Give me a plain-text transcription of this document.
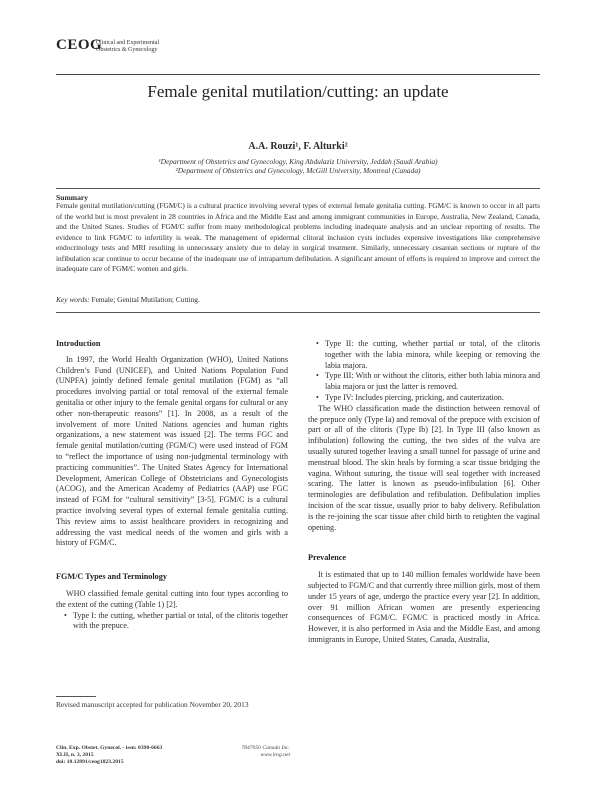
CEOG
Clinical and Experimental
Obstetrics & Gynecology
Female genital mutilation/cutting: an update
A.A. Rouzi¹, F. Alturki²
¹Department of Obstetrics and Gynecology, King Abdulaziz University, Jeddah (Saudi Arabia)
²Department of Obstetrics and Gynecology, McGill University, Montreal (Canada)
Summary
Female genital mutilation/cutting (FGM/C) is a cultural practice involving several types of external female genitalia cutting. FGM/C is known to occur in all parts of the world but is most prevalent in 28 countries in Africa and the Middle East and among immigrant communities in Europe, Australia, New Zealand, Canada, and the United States. Studies of FGM/C suffer from many methodological problems including inadequate analysis and an unclear reporting of results. The evidence to link FGM/C to infertility is weak. The management of epidermal clitoral inclusion cysts includes expensive investigations like comprehensive endocrinology tests and MRI resulting in unnecessary anxiety due to delay in surgical treatment. Similarly, unnecessary cesarean sections or rupture of the infibulation scar continue to occur because of the inadequate use of intrapartum defibulation. A significant amount of efforts is required to improve and correct the inadequate care of FGM/C women and girls.
Key words: Female; Genital Mutilation; Cutting.
Introduction

In 1997, the World Health Organization (WHO), United Nations Children’s Fund (UNICEF), and United Nations Population Fund (UNPFA) jointly defined female genital mutilation (FGM) as “all procedures involving partial or total removal of the external female genitalia or other injury to the female genital organs for cultural or any other non-therapeutic reasons” [1]. In 2008, as a result of the involvement of more United Nations agencies and human rights organizations, a new statement was issued [2]. The terms FGC and female genital mutilation/cutting (FGM/C) were used instead of FGM to “reflect the importance of using non-judgmental terminology with practicing communities”. The United States Agency for International Development, American College of Obstetricians and Gynecologists (ACOG), and the American Academy of Pediatrics (AAP) use FGC instead of FGM for “cultural sensitivity” [3-5]. FGM/C is a cultural practice involving several types of external female genitalia cutting. This review aims to assist healthcare providers in recognizing and addressing the vast medical needs of the women and girls with a history of FGM/C.

FGM/C Types and Terminology

WHO classified female genital cutting into four types according to the extent of the cutting (Table 1) [2].

• Type I: the cutting, whether partial or total, of the clitoris together with the prepuce.
• Type II: the cutting, whether partial or total, of the clitoris together with the labia minora, while keeping or removing the labia majora.
• Type III: With or without the clitoris, either both labia minora and labia majora or just the latter is removed.
• Type IV: Includes piercing, pricking, and cauterization.

The WHO classification made the distinction between removal of the prepuce only (Type Ia) and removal of the prepuce with excision of part or all of the clitoris (Type Ib) [2]. In Type III (also known as infibulation) following the cutting, the two sides of the vulva are usually sutured together leaving a small tunnel for passage of urine and menstrual blood. The skin heals by forming a scar tissue bridging the vagina. Without suturing, the tissue will seal together with increased scaring. The latter is known as pseudo-infibulation [6]. Other terminologies are defibulation and refibulation. Defibulation implies incision of the scar tissue, usually prior to baby delivery. Refibulation is the re-joining the scar tissue after child birth to retighten the vaginal opening.

Prevalence

It is estimated that up to 140 million females worldwide have been subjected to FGM/C and that currently three million girls, most of them under 15 years of age, undergo the practice every year [2]. In addition, over 91 million African women are presently experiencing consequences of FGM/C. FGM/C is practiced mostly in Africa. However, it is also performed in Asia and the Middle East, and among immigrants in Europe, United States, Canada, Australia,

Revised manuscript accepted for publication November 20, 2013
Clin. Exp. Obstet. Gynecol. - issn: 0390-6663
XLII, n. 3, 2015
doi: 10.12891/ceog1823.2015
7847050 Canada Inc.
www.irog.net
